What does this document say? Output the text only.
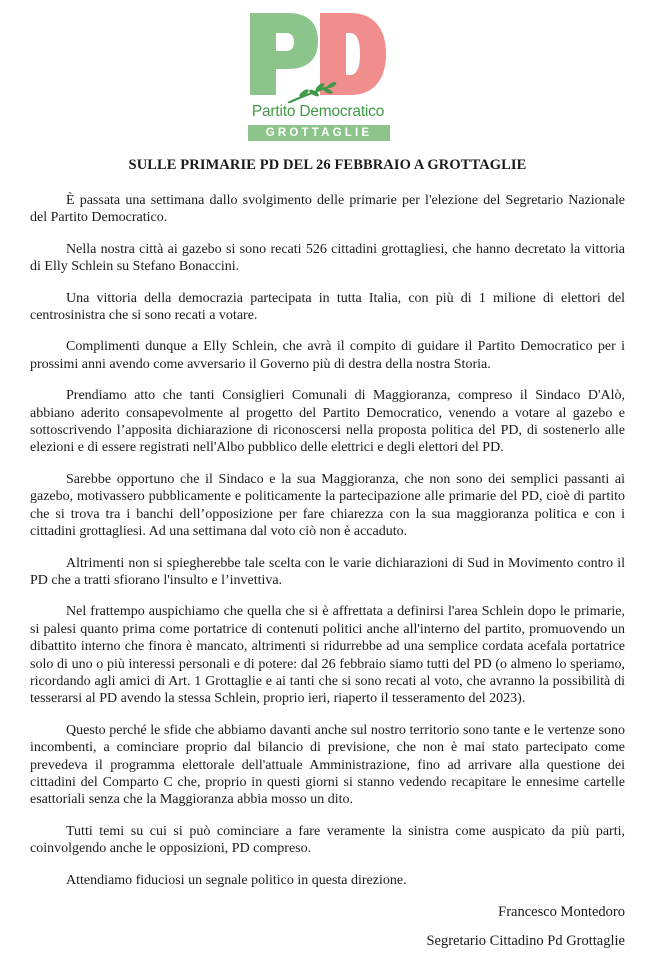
Partito Democratico
GROTTAGLIE
SULLE PRIMARIE PD DEL 26 FEBBRAIO A GROTTAGLIE

È passata una settimana dallo svolgimento delle primarie per l'elezione del Segretario Nazionale del Partito Democratico.

Nella nostra città ai gazebo si sono recati 526 cittadini grottagliesi, che hanno decretato la vittoria di Elly Schlein su Stefano Bonaccini.

Una vittoria della democrazia partecipata in tutta Italia, con più di 1 milione di elettori del centrosinistra che si sono recati a votare.

Complimenti dunque a Elly Schlein, che avrà il compito di guidare il Partito Democratico per i prossimi anni avendo come avversario il Governo più di destra della nostra Storia.

Prendiamo atto che tanti Consiglieri Comunali di Maggioranza, compreso il Sindaco D'Alò, abbiano aderito consapevolmente al progetto del Partito Democratico, venendo a votare al gazebo e sottoscrivendo l’apposita dichiarazione di riconoscersi nella proposta politica del PD, di sostenerlo alle elezioni e di essere registrati nell'Albo pubblico delle elettrici e degli elettori del PD.

Sarebbe opportuno che il Sindaco e la sua Maggioranza, che non sono dei semplici passanti ai gazebo, motivassero pubblicamente e politicamente la partecipazione alle primarie del PD, cioè di partito che si trova tra i banchi dell’opposizione per fare chiarezza con la sua maggioranza politica e con i cittadini grottagliesi. Ad una settimana dal voto ciò non è accaduto.

Altrimenti non si spiegherebbe tale scelta con le varie dichiarazioni di Sud in Movimento contro il PD che a tratti sfiorano l'insulto e l’invettiva.

Nel frattempo auspichiamo che quella che si è affrettata a definirsi l'area Schlein dopo le primarie, si palesi quanto prima come portatrice di contenuti politici anche all'interno del partito, promuovendo un dibattito interno che finora è mancato, altrimenti si ridurrebbe ad una semplice cordata acefala portatrice solo di uno o più interessi personali e di potere: dal 26 febbraio siamo tutti del PD (o almeno lo speriamo, ricordando agli amici di Art. 1 Grottaglie e ai tanti che si sono recati al voto, che avranno la possibilità di tesserarsi al PD avendo la stessa Schlein, proprio ieri, riaperto il tesseramento del 2023).

Questo perché le sfide che abbiamo davanti anche sul nostro territorio sono tante e le vertenze sono incombenti, a cominciare proprio dal bilancio di previsione, che non è mai stato partecipato come prevedeva il programma elettorale dell'attuale Amministrazione, fino ad arrivare alla questione dei cittadini del Comparto C che, proprio in questi giorni si stanno vedendo recapitare le ennesime cartelle esattoriali senza che la Maggioranza abbia mosso un dito.

Tutti temi su cui si può cominciare a fare veramente la sinistra come auspicato da più parti, coinvolgendo anche le opposizioni, PD compreso.

Attendiamo fiduciosi un segnale politico in questa direzione.

Francesco Montedoro
Segretario Cittadino Pd Grottaglie
